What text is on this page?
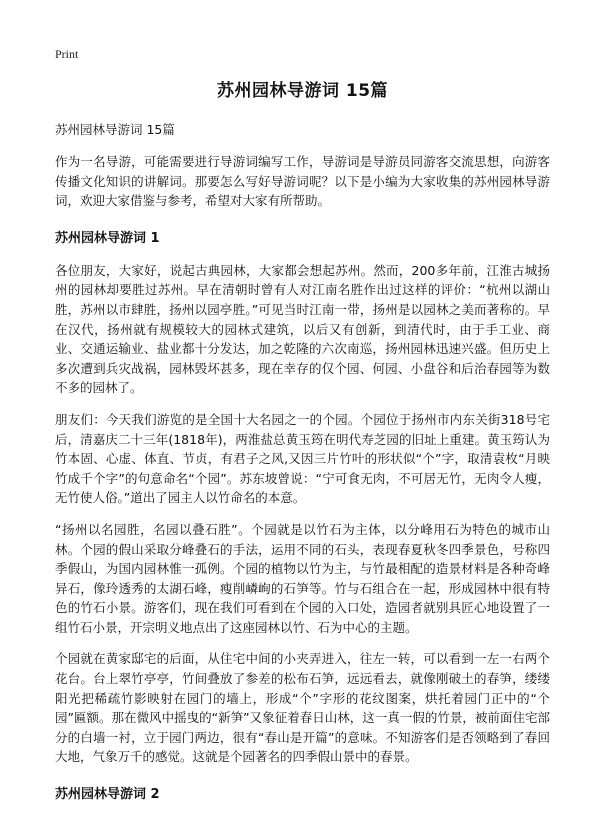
Print
苏州园林导游词 15篇
苏州园林导游词 15篇

作为一名导游，可能需要进行导游词编写工作，导游词是导游员同游客交流思想，向游客传播文化知识的讲解词。那要怎么写好导游词呢？以下是小编为大家收集的苏州园林导游词，欢迎大家借鉴与参考，希望对大家有所帮助。

苏州园林导游词 1

各位朋友，大家好，说起古典园林，大家都会想起苏州。然而，200多年前，江淮古城扬州的园林却要胜过苏州。早在清朝时曾有人对江南名胜作出过这样的评价：“杭州以湖山胜，苏州以市肆胜，扬州以园亭胜。”可见当时江南一带，扬州是以园林之美而著称的。早在汉代，扬州就有规模较大的园林式建筑，以后又有创新，到清代时，由于手工业、商业、交通运输业、盐业都十分发达，加之乾隆的六次南巡，扬州园林迅速兴盛。但历史上多次遭到兵灾战祸，园林毁坏甚多，现在幸存的仅个园、何园、小盘谷和后治春园等为数不多的园林了。

朋友们：今天我们游览的是全国十大名园之一的个园。个园位于扬州市内东关街318号宅后，清嘉庆二十三年(1818年)，两淮盐总黄玉筠在明代寿芝园的旧址上重建。黄玉筠认为竹本固、心虚、体直、节贞，有君子之风,又因三片竹叶的形状似“个”字，取清袁枚“月映竹成千个字”的句意命名“个园”。苏东坡曾说：“宁可食无肉，不可居无竹，无肉令人瘦，无竹使人俗。”道出了园主人以竹命名的本意。

“扬州以名园胜，名园以叠石胜”。个园就是以竹石为主体，以分峰用石为特色的城市山林。个园的假山采取分峰叠石的手法，运用不同的石头，表现春夏秋冬四季景色，号称四季假山，为国内园林惟一孤例。个园的植物以竹为主，与竹最相配的造景材料是各种奇峰异石，像玲透秀的太湖石峰，瘦削嶙峋的石笋等。竹与石组合在一起，形成园林中很有特色的竹石小景。游客们，现在我们可看到在个园的入口处，造园者就别具匠心地设置了一组竹石小景，开宗明义地点出了这座园林以竹、石为中心的主题。

个园就在黄家邸宅的后面，从住宅中间的小夹弄进入，往左一转，可以看到一左一右两个花台。台上翠竹亭亭，竹间叠放了参差的松布石笋，远远看去，就像刚破土的春笋，缕缕阳光把稀疏竹影映射在园门的墙上，形成“个”字形的花纹图案，烘托着园门正中的“个园”匾额。那在微风中摇曳的“新笋”又象征着春日山林，这一真一假的竹景，被前面住宅部分的白墙一衬，立于园门两边，很有“春山是开篇”的意味。不知游客们是否领略到了春回大地，气象万千的感觉。这就是个园著名的四季假山景中的春景。

苏州园林导游词 2
